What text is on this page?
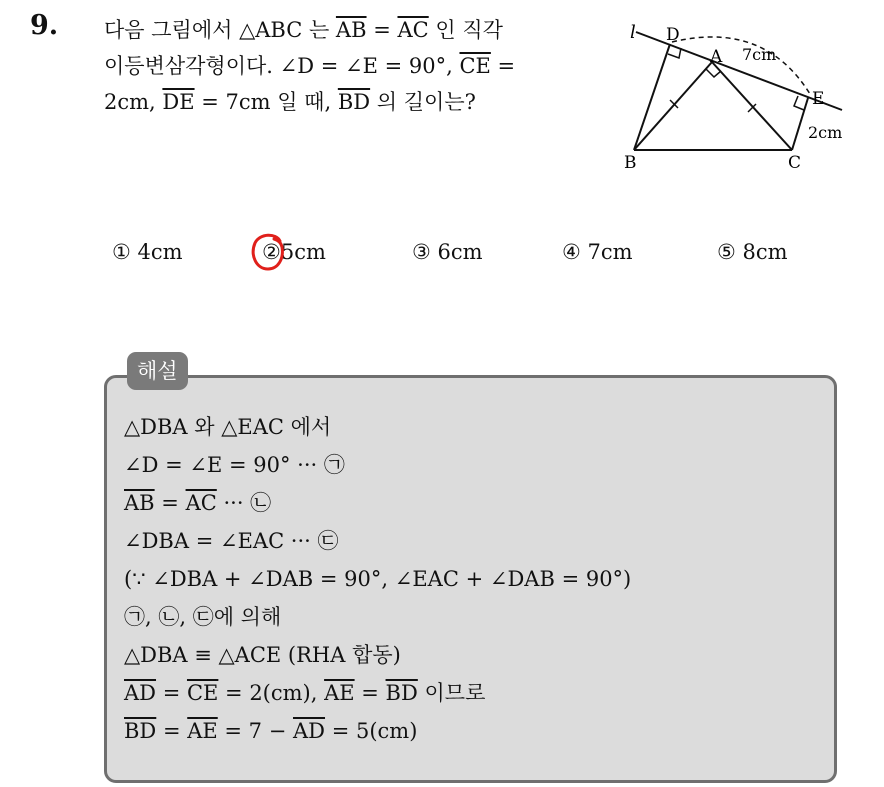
9. 다음 그림에서 △ABC 는 $\overline{AB} = \overline{AC}$ 인 직각
이등변삼각형이다. ∠D = ∠E = 90°, $\overline{CE}$ =
2cm, $\overline{DE} = 7cm$ 일 때, $\overline{BD}$ 의 길이는?
l D
A
E
B	C
7cm
2cm
① 4cm	②
5cm	③ 6cm	④ 7cm	⑤ 8cm
해설
△DBA 와 △EAC 에서
∠D = ∠E = 90° ··· ㉠
$\overline{AB} = \overline{AC}$ ··· ㉡
∠DBA = ∠EAC ··· ㉢
(∵ ∠DBA + ∠DAB = 90°, ∠EAC + ∠DAB = 90°)
㉠, ㉡, ㉢에 의해
△DBA ≡ △ACE (RHA 합동)
$\overline{AD} = \overline{CE} = 2(cm)$, $\overline{AE} = \overline{BD}$ 이므로
$\overline{BD} = \overline{AE} = 7 - \overline{AD} = 5(cm)$
